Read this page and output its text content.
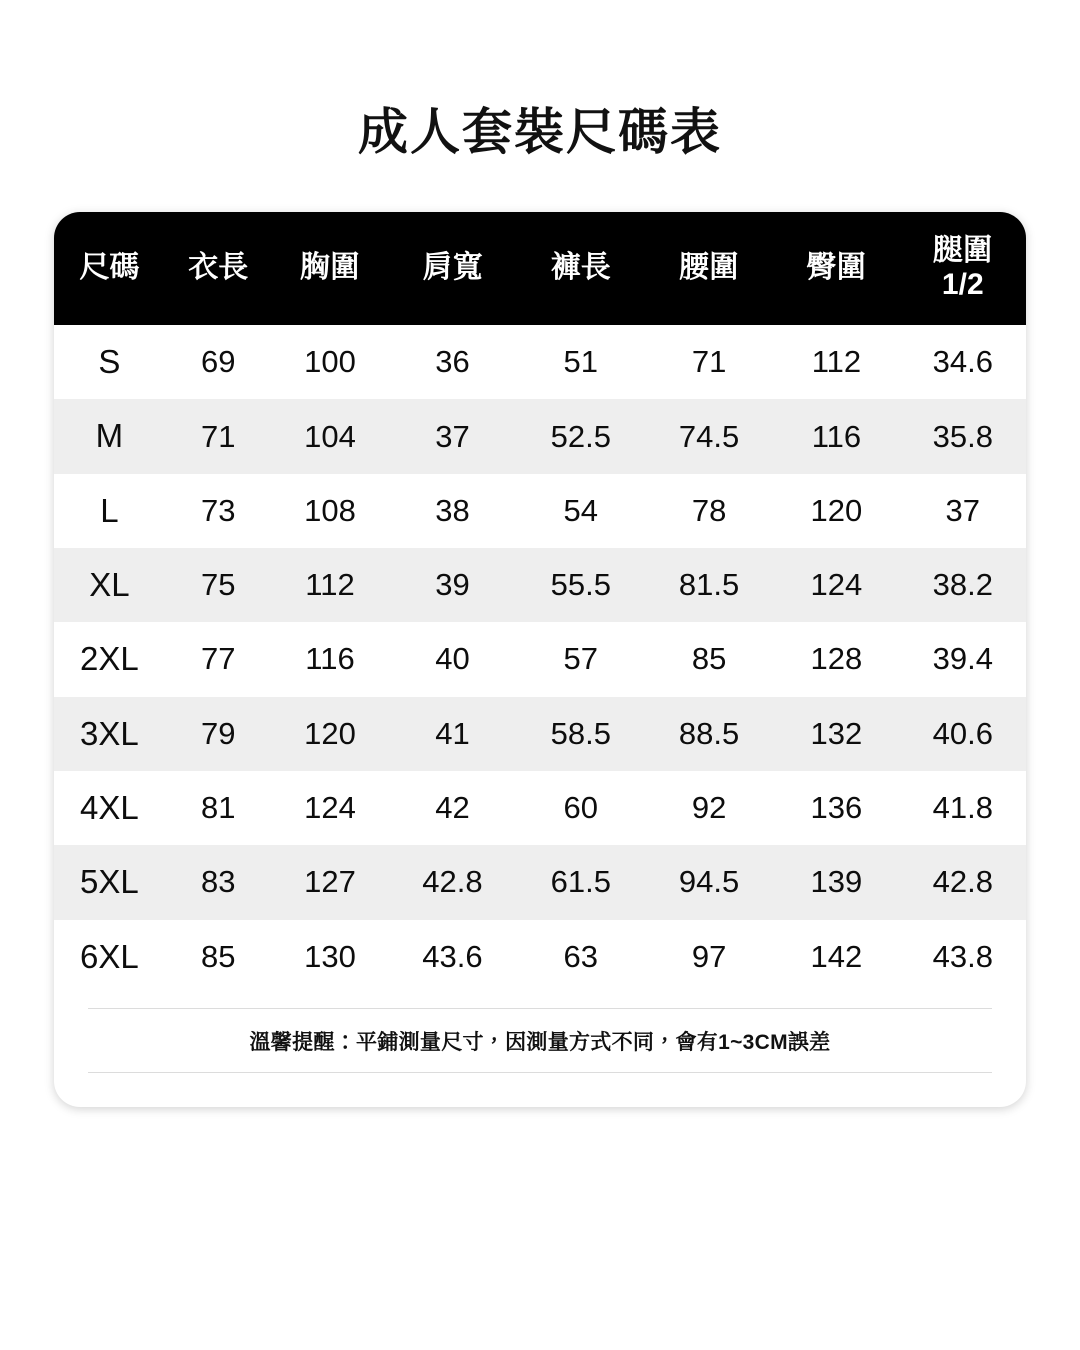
成人套裝尺碼表
尺碼	衣長	胸圍	肩寬	褲長	腰圍	臀圍	腿圍
1/2
S	69	100	36	51	71	112	34.6
M	71	104	37	52.5	74.5	116	35.8
L	73	108	38	54	78	120	37
XL	75	112	39	55.5	81.5	124	38.2
2XL	77	116	40	57	85	128	39.4
3XL	79	120	41	58.5	88.5	132	40.6
4XL	81	124	42	60	92	136	41.8
5XL	83	127	42.8	61.5	94.5	139	42.8
6XL	85	130	43.6	63	97	142	43.8
溫馨提醒：平鋪測量尺寸，因測量方式不同，會有1~3CM誤差
